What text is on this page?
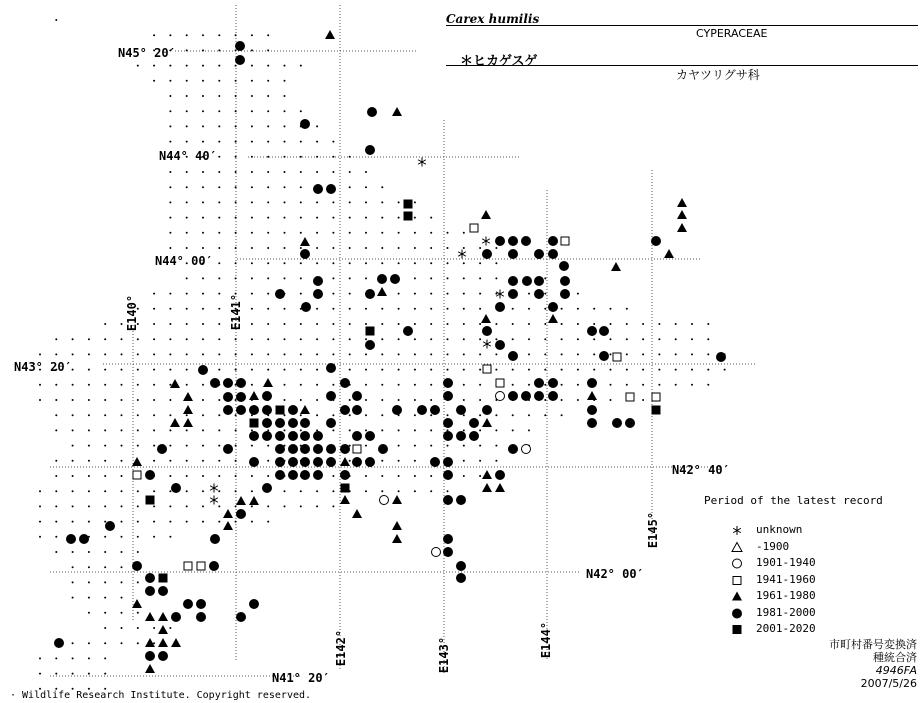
N45° 20′
N44° 40′
N44° 00′
N43° 20′
N42° 40′
N42° 00′
N41° 20′
E140°	E141°
E142°	E143°	E144°
E145°
Carex humilis
CYPERACEAE
＊ヒカゲスゲ
カヤツリグサ科
Period of the latest record
unknown
-1900
1901-1940
1941-1960
1961-1980
1981-2000
2001-2020
市町村番号変換済
種統合済
4946FA
2007/5/26
· Wildlife Research Institute. Copyright reserved.
